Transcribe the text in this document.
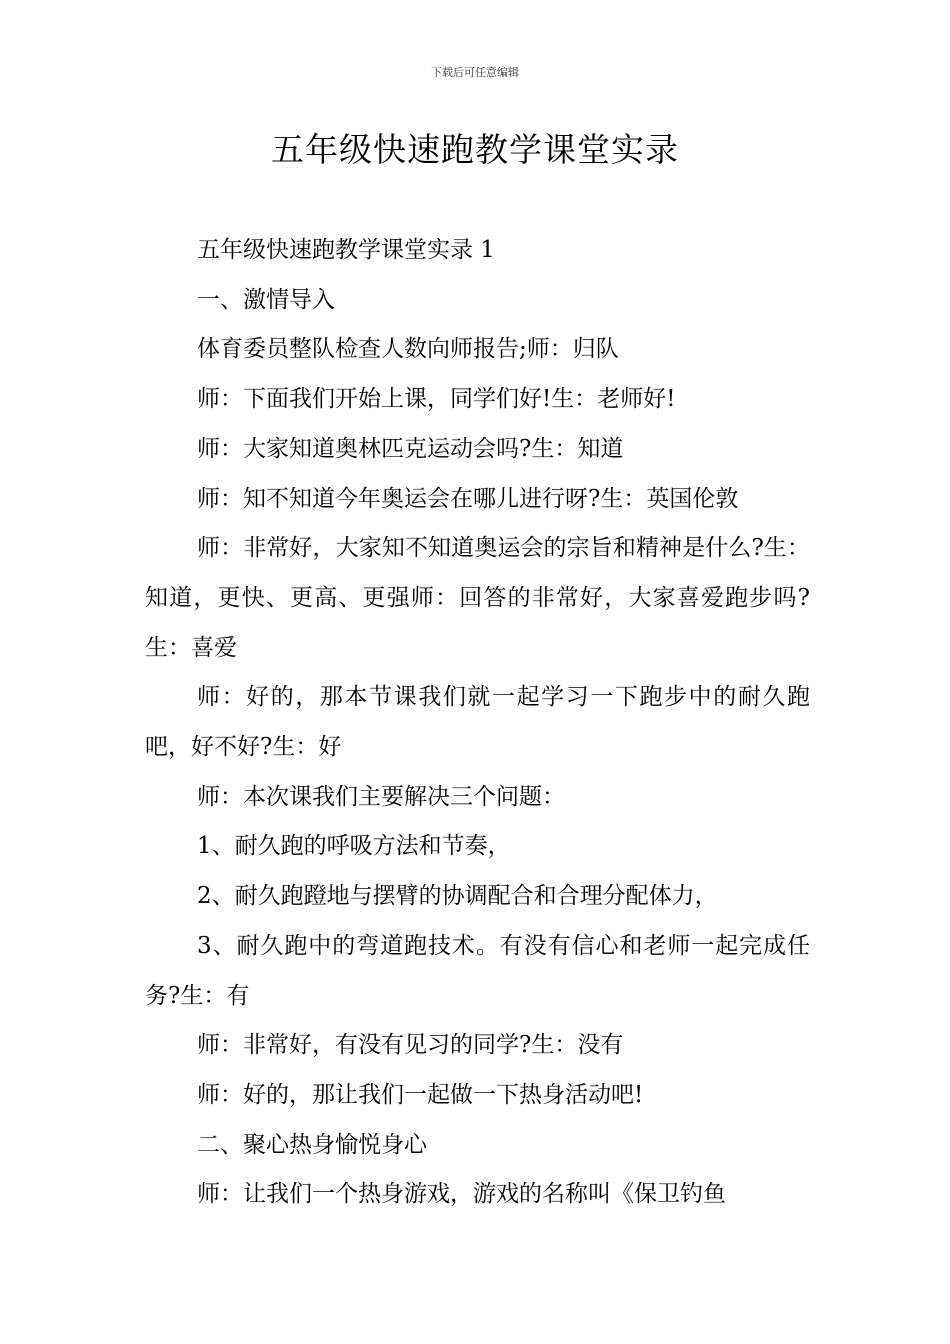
下载后可任意编辑
五年级快速跑教学课堂实录

五年级快速跑教学课堂实录 1

一、激情导入

体育委员整队检查人数向师报告;师：归队

师：下面我们开始上课，同学们好!生：老师好!

师：大家知道奥林匹克运动会吗?生：知道

师：知不知道今年奥运会在哪儿进行呀?生：英国伦敦

师：非常好，大家知不知道奥运会的宗旨和精神是什么?生：知道，更快、更高、更强师：回答的非常好，大家喜爱跑步吗?生：喜爱

师：好的，那本节课我们就一起学习一下跑步中的耐久跑吧，好不好?生：好

师：本次课我们主要解决三个问题：

1、耐久跑的呼吸方法和节奏，

2、耐久跑蹬地与摆臂的协调配合和合理分配体力，

3、耐久跑中的弯道跑技术。有没有信心和老师一起完成任务?生：有

师：非常好，有没有见习的同学?生：没有

师：好的，那让我们一起做一下热身活动吧!

二、聚心热身愉悦身心

师：让我们一个热身游戏，游戏的名称叫《保卫钓鱼
